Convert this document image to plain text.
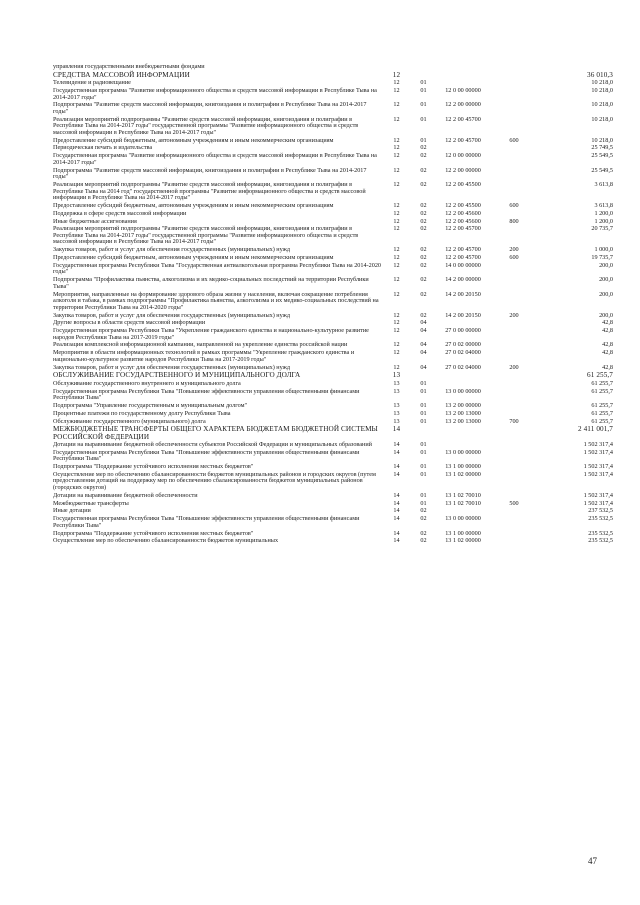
управления государственными внебюджетными фондами
СРЕДСТВА МАССОВОЙ ИНФОРМАЦИИ	12	36 010,3
Телевидение и радиовещание	12	01	10 218,0
Государственная программа "Развитие информационного общества и средств массовой информации в Республике Тыва на 2014-2017 годы"
12	01	12 0 00 00000	10 218,0
Подпрограмма "Развитие средств массовой информации, книгоиздания и полиграфии в Республике Тыва на 2014-2017 годы"
12	01	12 2 00 00000	10 218,0
Реализация мероприятий подпрограммы "Развитие средств массовой информации, книгоиздания и полиграфии в Республике Тыва на 2014-2017 годы" государственной программы "Развитие информационного общества и средств массовой информации в Республике Тыва на 2014-2017 годы"
12	01	12 2 00 45700	10 218,0
Предоставление субсидий бюджетным, автономным учреждениям и иным некоммерческим организациям	12	01	12 2 00 45700	600	10 218,0
Периодическая печать и издательства	12	02	25 749,5
Государственная программа "Развитие информационного общества и средств массовой информации в Республике Тыва на 2014-2017 годы"
12	02	12 0 00 00000	25 549,5
Подпрограмма "Развитие средств массовой информации, книгоиздания и полиграфии в Республике Тыва на 2014-2017 годы"
12	02	12 2 00 00000	25 549,5
Реализация мероприятий подпрограммы "Развитие средств массовой информации, книгоиздания и полиграфии в Республике Тыва на 2014 год" государственной программы "Развитие информационного общества и средств массовой информации в Республике Тыва на 2014-2017 годы"
12	02	12 2 00 45500	3 613,8
Предоставление субсидий бюджетным, автономным учреждениям и иным некоммерческим организациям	12	02	12 2 00 45500	600	3 613,8
Поддержка в сфере средств массовой информации	12	02	12 2 00 45600	1 200,0
Иные бюджетные ассигнования	12	02	12 2 00 45600	800	1 200,0
Реализация мероприятий подпрограммы "Развитие средств массовой информации, книгоиздания и полиграфии в Республике Тыва на 2014-2017 годы" государственной программы "Развитие информационного общества и средств массовой информации в Республике Тыва на 2014-2017 годы"
12	02	12 2 00 45700	20 735,7
Закупка товаров, работ и услуг для обеспечения государственных (муниципальных) нужд	12	02	12 2 00 45700	200	1 000,0
Предоставление субсидий бюджетным, автономным учреждениям и иным некоммерческим организациям	12	02	12 2 00 45700	600	19 735,7
Государственная программа Республики Тыва "Государственная антиалкогольная программа Республики Тыва на 2014-2020 годы"
12	02	14 0 00 00000	200,0
Подпрограмма "Профилактика пьянства, алкоголизма и их медико-социальных последствий на территории Республики Тыва"
12	02	14 2 00 00000	200,0
Мероприятия, направленные на формирование здорового образа жизни у населения, включая сокращение потребления алкоголя и табака, в рамках подпрограммы "Профилактика пьянства, алкоголизма и их медико-социальных последствий на территории Республики Тыва на 2014-2020 годы"
12	02	14 2 00 20150	200,0
Закупка товаров, работ и услуг для обеспечения государственных (муниципальных) нужд	12	02	14 2 00 20150	200	200,0
Другие вопросы в области средств массовой информации	12	04	42,8
Государственная программа Республики Тыва "Укрепление гражданского единства и национально-культурное развитие народов Республики Тыва на 2017-2019 годы"
12	04	27 0 00 00000	42,8
Реализация комплексной информационной кампании, направленной на укрепление единства российской нации	12	04	27 0 02 00000	42,8
Мероприятия в области информационных технологий в рамках программы "Укрепление гражданского единства и национально-культурное развитие народов Республики Тыва на 2017-2019 годы"
12	04	27 0 02 04000	42,8
Закупка товаров, работ и услуг для обеспечения государственных (муниципальных) нужд	12	04	27 0 02 04000	200	42,8
ОБСЛУЖИВАНИЕ ГОСУДАРСТВЕННОГО И МУНИЦИПАЛЬНОГО ДОЛГА	13	61 255,7
Обслуживание государственного внутреннего и муниципального долга	13	01	61 255,7
Государственная программа Республики Тыва "Повышение эффективности управления общественными финансами Республики Тыва"
13	01	13 0 00 00000	61 255,7
Подпрограмма "Управление государственным и муниципальным долгом"	13	01	13 2 00 00000	61 255,7
Процентные платежи по государственному долгу Республики Тыва	13	01	13 2 00 13000	61 255,7
Обслуживание государственного (муниципального) долга	13	01	13 2 00 13000	700	61 255,7
МЕЖБЮДЖЕТНЫЕ ТРАНСФЕРТЫ ОБЩЕГО ХАРАКТЕРА БЮДЖЕТАМ БЮДЖЕТНОЙ СИСТЕМЫ РОССИЙСКОЙ ФЕДЕРАЦИИ
14	2 411 001,7
Дотации на выравнивание бюджетной обеспеченности субъектов Российской Федерации и муниципальных образований	14	01	1 502 317,4
Государственная программа Республики Тыва "Повышение эффективности управления общественными финансами Республики Тыва"
14	01	13 0 00 00000	1 502 317,4
Подпрограмма "Поддержание устойчивого исполнения местных бюджетов"	14	01	13 1 00 00000	1 502 317,4
Осуществление мер по обеспечению сбалансированности бюджетов муниципальных районов и городских округов (путем предоставления дотаций на поддержку мер по обеспечению сбалансированности бюджетов муниципальных районов (городских округов)
14	01	13 1 02 00000	1 502 317,4
Дотации на выравнивание бюджетной обеспеченности	14	01	13 1 02 70010	1 502 317,4
Межбюджетные трансферты	14	01	13 1 02 70010	500	1 502 317,4
Иные дотации	14	02	237 532,5
Государственная программа Республики Тыва "Повышение эффективности управления общественными финансами Республики Тыва"
14	02	13 0 00 00000	235 532,5
Подпрограмма "Поддержание устойчивого исполнения местных бюджетов"	14	02	13 1 00 00000	235 532,5
Осуществление мер по обеспечению сбалансированности бюджетов муниципальных	14	02	13 1 02 00000	235 532,5
47
